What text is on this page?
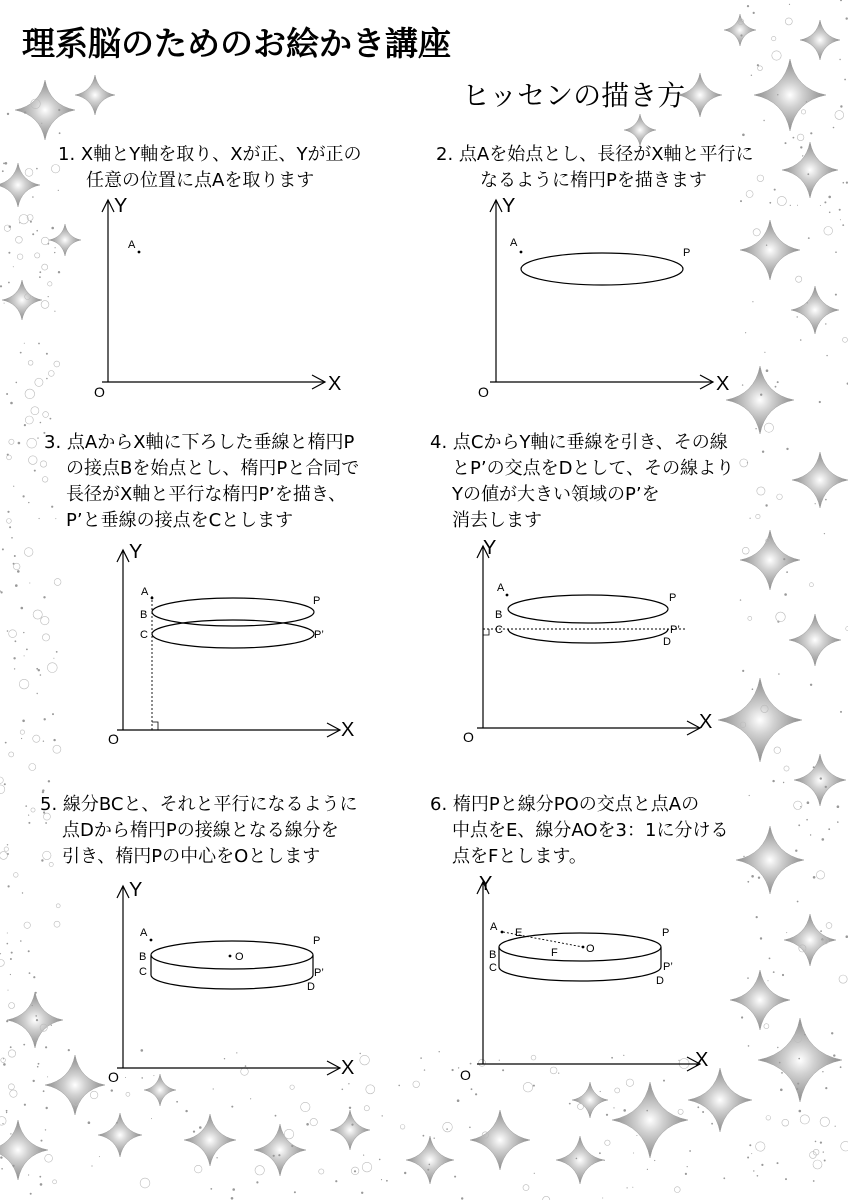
理系脳のためのお絵かき講座
ヒッセンの描き方
1. X軸とY軸を取り、Xが正、Yが正の
任意の位置に点Aを取ります
2. 点Aを始点とし、長径がX軸と平行に
なるように楕円Pを描きます
3. 点AからX軸に下ろした垂線と楕円P
の接点Bを始点とし、楕円Pと合同で
長径がX軸と平行な楕円P’を描き、
P’と垂線の接点をCとします
4. 点CからY軸に垂線を引き、その線
とP’の交点をDとして、その線より
Yの値が大きい領域のP’を
消去します
5. 線分BCと、それと平行になるように
点Dから楕円Pの接線となる線分を
引き、楕円Pの中心をOとします
6. 楕円Pと線分POの交点と点Aの
中点をE、線分AOを3：1に分ける
点をFとします。
Y
X
O
A
Y
X
O
A
P
Y
X
O
A
B
C
P
P’
Y
X
O
A
B
C
D
P
P’
Y
X
O
A
B
C
D
O
P
P’
Y
X
O
A E
F	O
B
C
D
P
P’
